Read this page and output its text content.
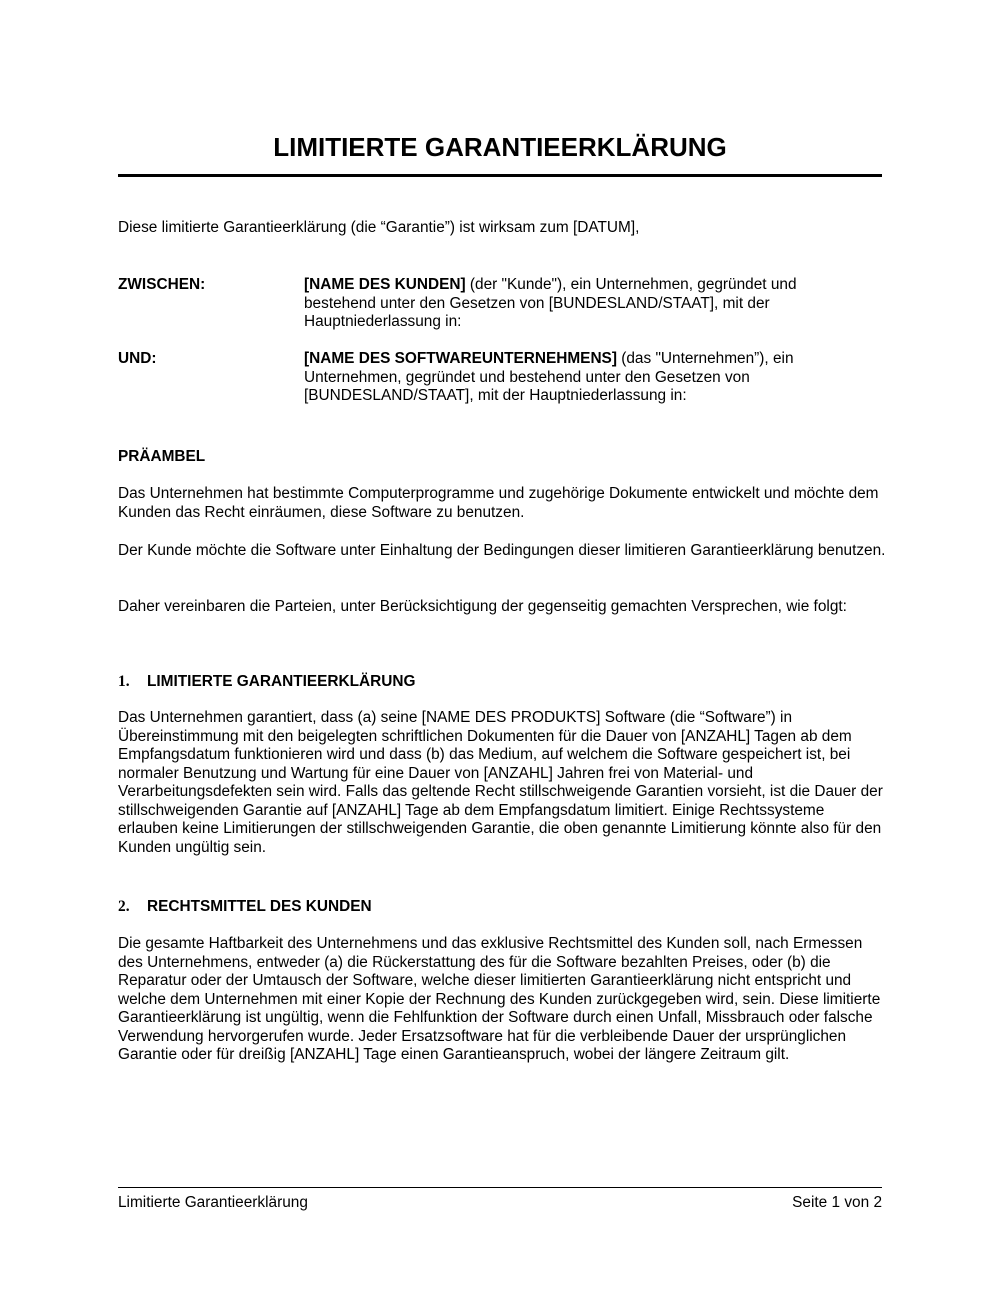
LIMITIERTE GARANTIEERKLÄRUNG
Diese limitierte Garantieerklärung (die “Garantie”) ist wirksam zum [DATUM],
ZWISCHEN:	[NAME DES KUNDEN] (der "Kunde"), ein Unternehmen, gegründet und bestehend unter den Gesetzen von [BUNDESLAND/STAAT], mit der Hauptniederlassung in:
UND:	[NAME DES SOFTWAREUNTERNEHMENS] (das "Unternehmen”), ein Unternehmen, gegründet und bestehend unter den Gesetzen von [BUNDESLAND/STAAT], mit der Hauptniederlassung in:
PRÄAMBEL
Das Unternehmen hat bestimmte Computerprogramme und zugehörige Dokumente entwickelt und möchte dem Kunden das Recht einräumen, diese Software zu benutzen.
Der Kunde möchte die Software unter Einhaltung der Bedingungen dieser limitieren Garantieerklärung benutzen.
Daher vereinbaren die Parteien, unter Berücksichtigung der gegenseitig gemachten Versprechen, wie folgt:
1. LIMITIERTE GARANTIEERKLÄRUNG
Das Unternehmen garantiert, dass (a) seine [NAME DES PRODUKTS] Software (die “Software”) in Übereinstimmung mit den beigelegten schriftlichen Dokumenten für die Dauer von [ANZAHL] Tagen ab dem Empfangsdatum funktionieren wird und dass (b) das Medium, auf welchem die Software gespeichert ist, bei normaler Benutzung und Wartung für eine Dauer von [ANZAHL] Jahren frei von Material- und Verarbeitungsdefekten sein wird. Falls das geltende Recht stillschweigende Garantien vorsieht, ist die Dauer der stillschweigenden Garantie auf [ANZAHL] Tage ab dem Empfangsdatum limitiert. Einige Rechtssysteme erlauben keine Limitierungen der stillschweigenden Garantie, die oben genannte Limitierung könnte also für den Kunden ungültig sein.
2. RECHTSMITTEL DES KUNDEN
Die gesamte Haftbarkeit des Unternehmens und das exklusive Rechtsmittel des Kunden soll, nach Ermessen des Unternehmens, entweder (a) die Rückerstattung des für die Software bezahlten Preises, oder (b) die Reparatur oder der Umtausch der Software, welche dieser limitierten Garantieerklärung nicht entspricht und welche dem Unternehmen mit einer Kopie der Rechnung des Kunden zurückgegeben wird, sein. Diese limitierte Garantieerklärung ist ungültig, wenn die Fehlfunktion der Software durch einen Unfall, Missbrauch oder falsche Verwendung hervorgerufen wurde. Jeder Ersatzsoftware hat für die verbleibende Dauer der ursprünglichen Garantie oder für dreißig [ANZAHL] Tage einen Garantieanspruch, wobei der längere Zeitraum gilt.
Limitierte Garantieerklärung	Seite 1 von 2
